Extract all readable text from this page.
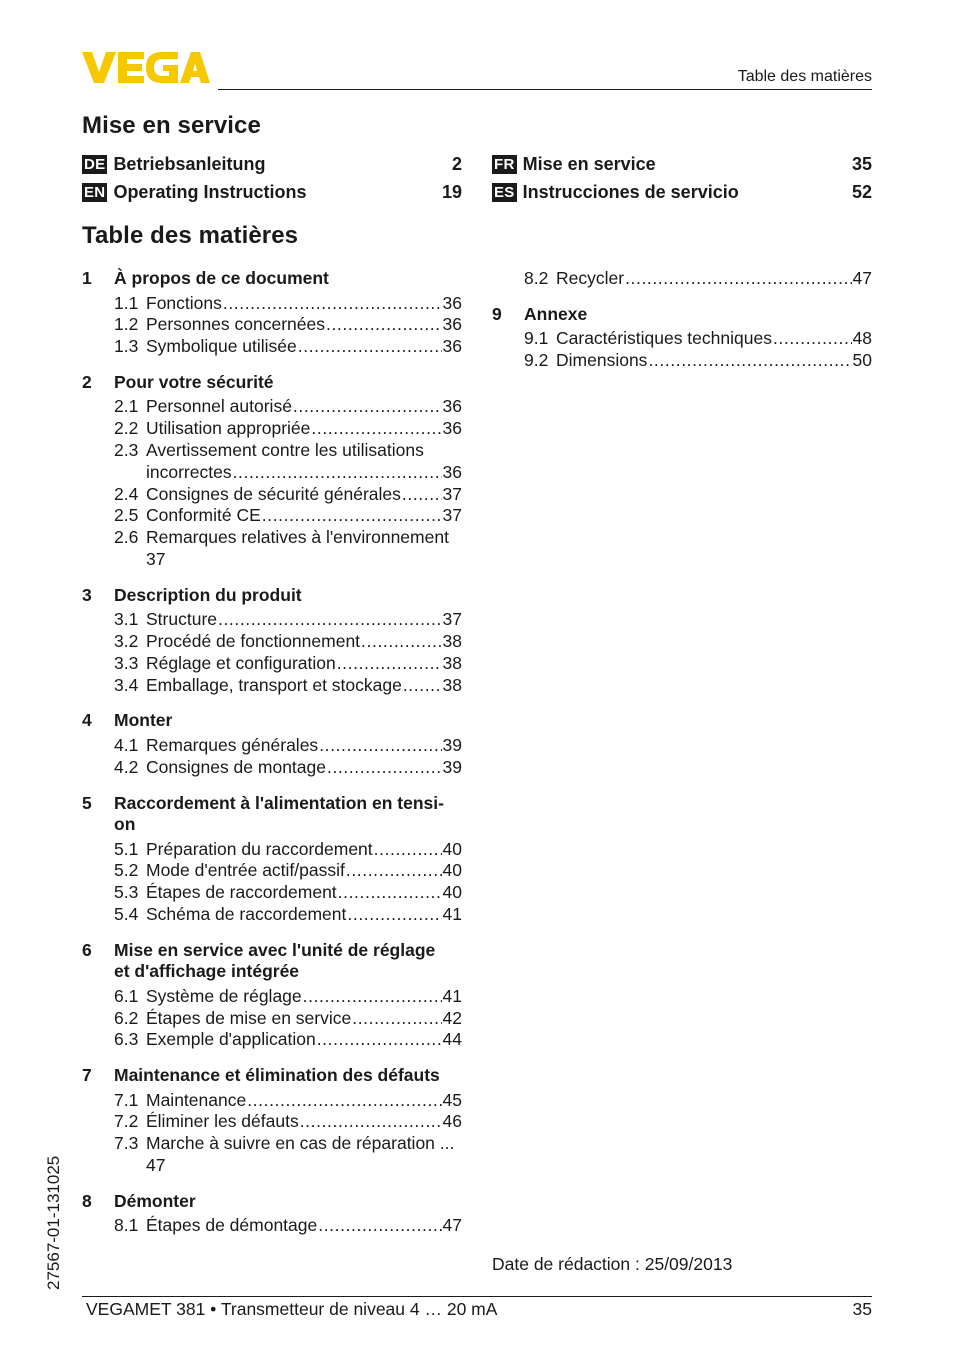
Table des matières
Mise en service
DE Betriebsanleitung	2
EN Operating Instructions	19
FR Mise en service	35
ES Instrucciones de servicio	52
Table des matières
1	À propos de ce document
1.1 Fonctions .....	36
1.2 Personnes concernées .....	36
1.3 Symbolique utilisée .....	36
2	Pour votre sécurité
2.1 Personnel autorisé .....	36
2.2 Utilisation appropriée .....	36
2.3 Avertissement contre les utilisations
incorrectes .....	36
2.4 Consignes de sécurité générales ..... 37
2.5 Conformité CE .....	37
2.6 Remarques relatives à l'environnement
37
3	Description du produit
3.1 Structure .....	37
3.2 Procédé de fonctionnement .....	38
3.3 Réglage et configuration .....	38
3.4 Emballage, transport et stockage ..... 38
4	Monter
4.1 Remarques générales .....	39
4.2 Consignes de montage .....	39
5	Raccordement à l'alimentation en tensi-
on
5.1 Préparation du raccordement .....	40
5.2 Mode d'entrée actif/passif .....	40
5.3 Étapes de raccordement .....	40
5.4 Schéma de raccordement .....	41
6	Mise en service avec l'unité de réglage
et d'affichage intégrée
6.1 Système de réglage .....	41
6.2 Étapes de mise en service .....	42
6.3 Exemple d'application .....	44
7	Maintenance et élimination des défauts
7.1 Maintenance .....	45
7.2 Éliminer les défauts .....	46
7.3 Marche à suivre en cas de réparation ...
47
8	Démonter
8.1 Étapes de démontage .....	47
8.2 Recycler .....	47
9	Annexe
9.1 Caractéristiques techniques .....	48
9.2 Dimensions .....	50
Date de rédaction : 25/09/2013
27567-01-131025
VEGAMET 381 • Transmetteur de niveau 4 … 20 mA	35
